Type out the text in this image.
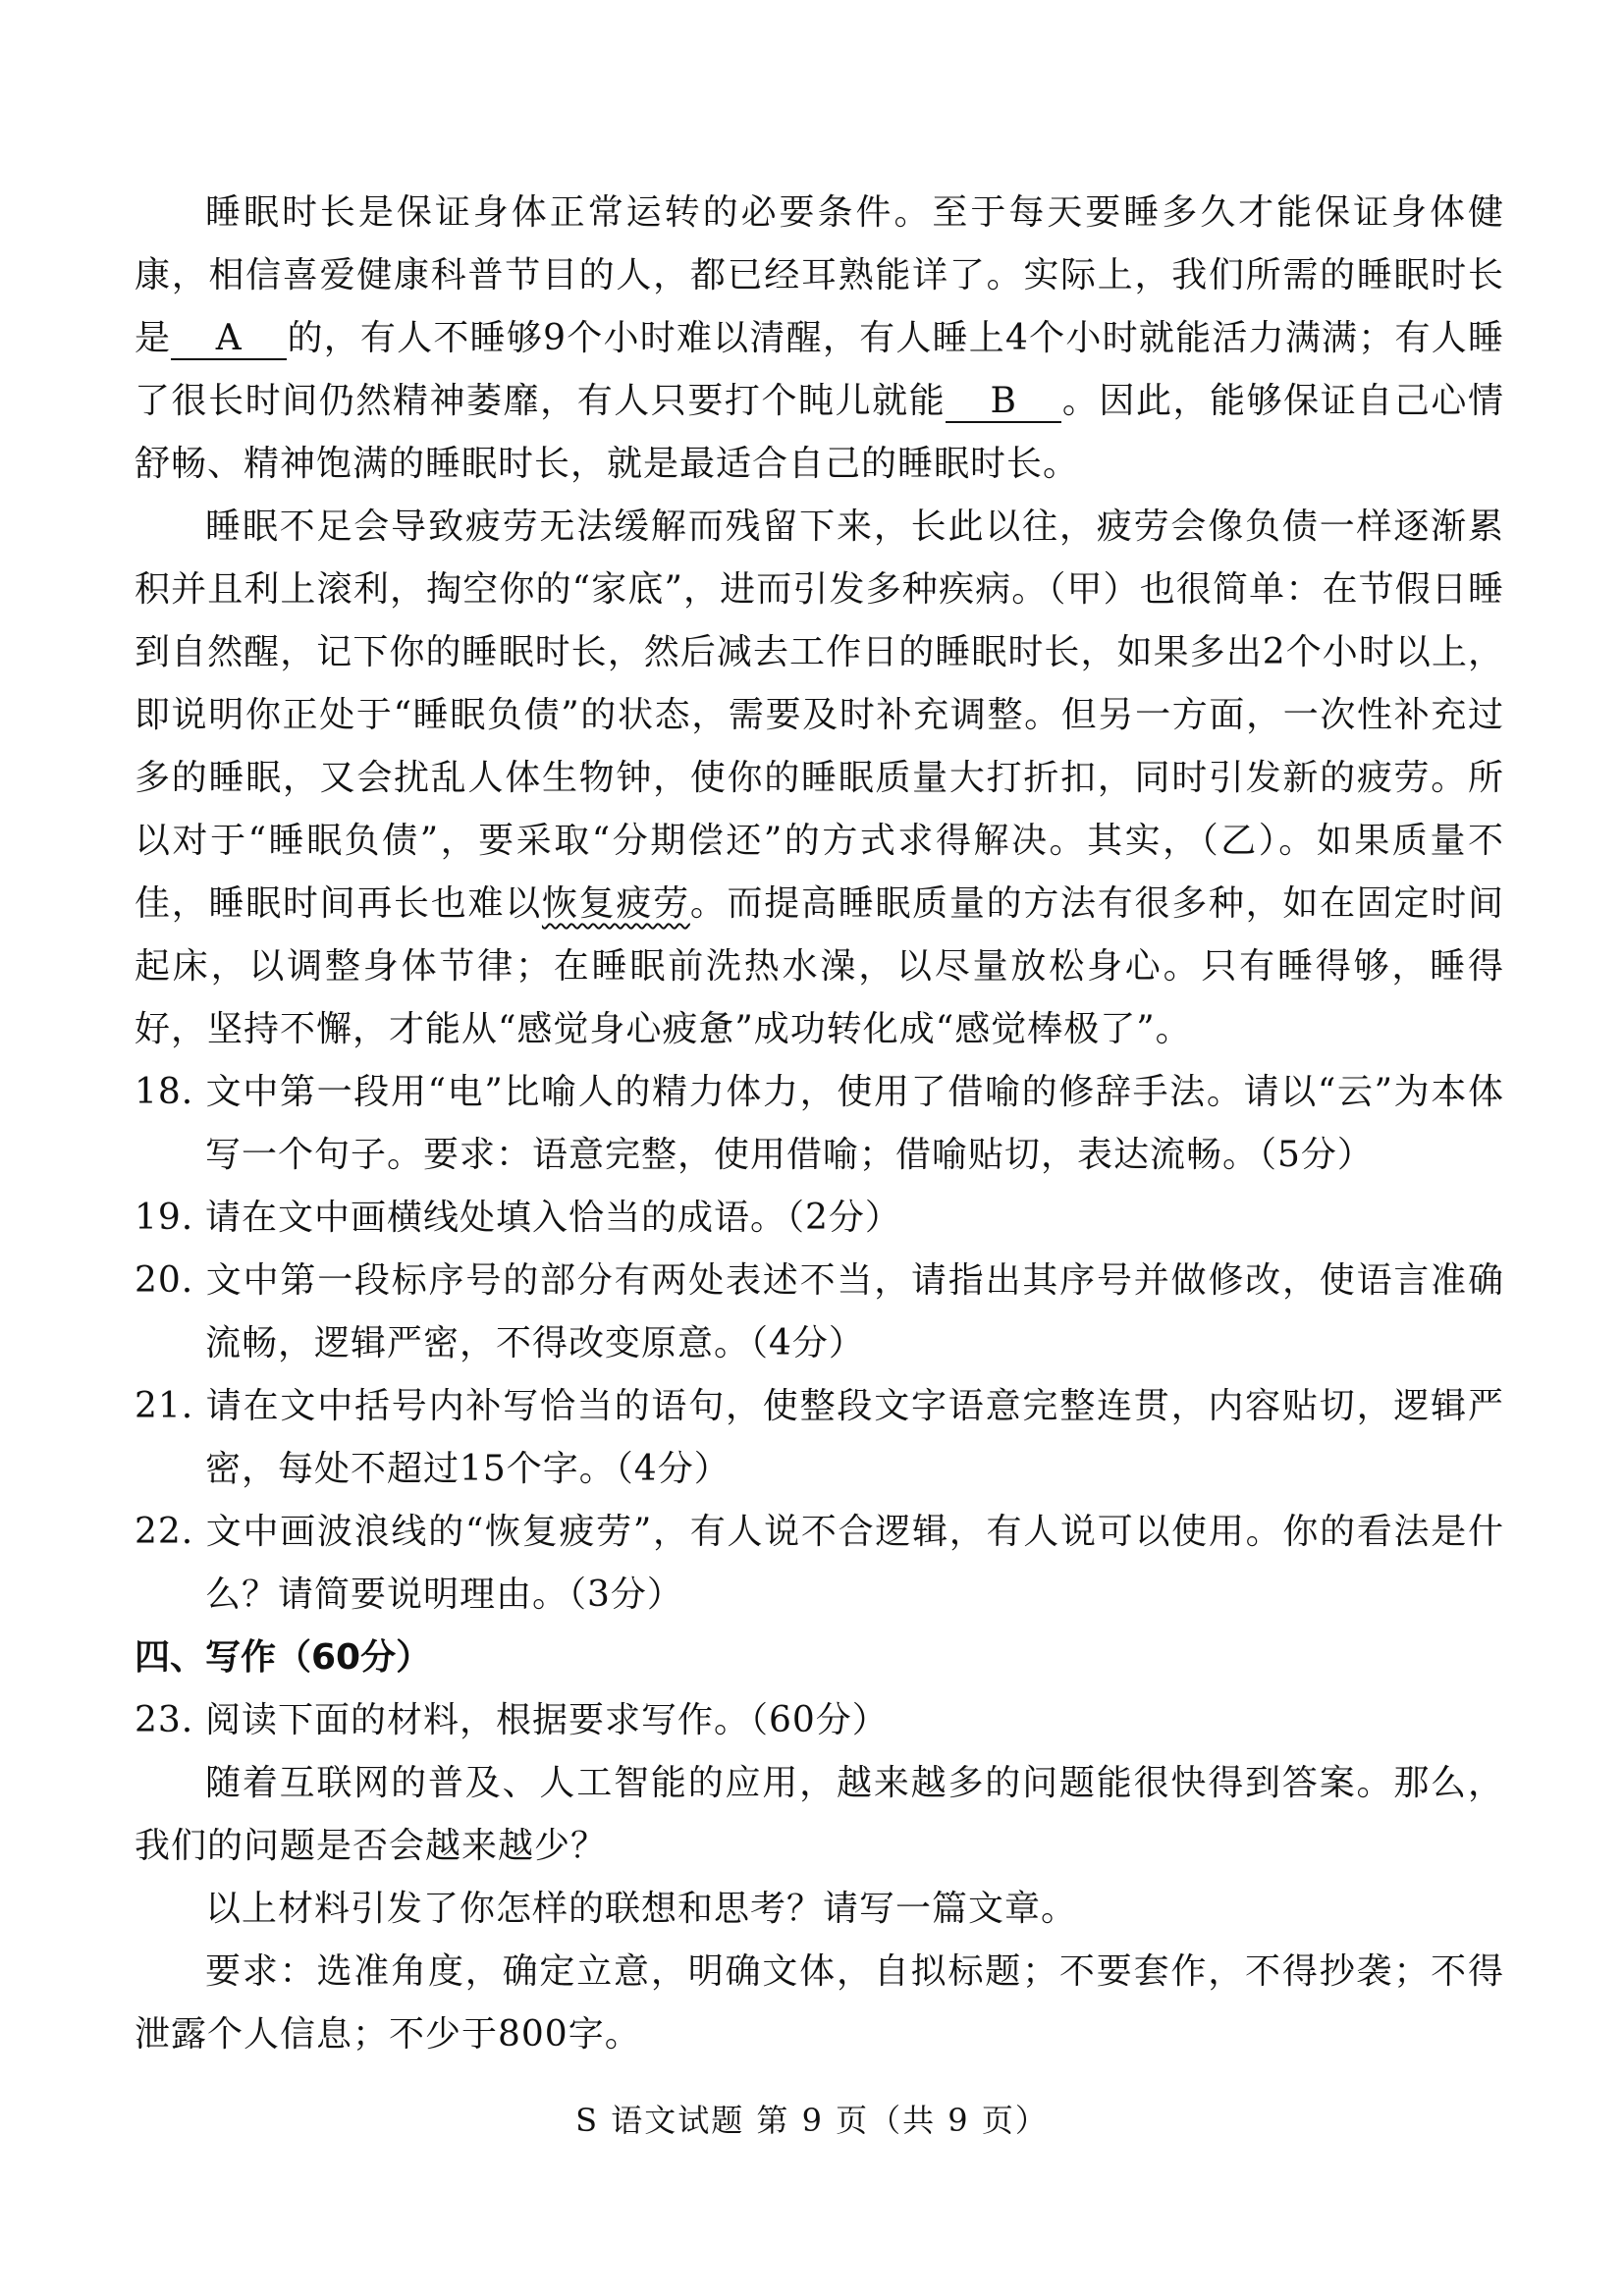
睡眠时长是保证身体正常运转的必要条件。至于每天要睡多久才能保证身体健康，相信喜爱健康科普节目的人，都已经耳熟能详了。实际上，我们所需的睡眠时长是 A 的，有人不睡够9个小时难以清醒，有人睡上4个小时就能活力满满；有人睡了很长时间仍然精神萎靡，有人只要打个盹儿就能 B 。因此，能够保证自己心情舒畅、精神饱满的睡眠时长，就是最适合自己的睡眠时长。

睡眠不足会导致疲劳无法缓解而残留下来，长此以往，疲劳会像负债一样逐渐累积并且利上滚利，掏空你的“家底”，进而引发多种疾病。（甲）也很简单：在节假日睡到自然醒，记下你的睡眠时长，然后减去工作日的睡眠时长，如果多出2个小时以上，即说明你正处于“睡眠负债”的状态，需要及时补充调整。但另一方面，一次性补充过多的睡眠，又会扰乱人体生物钟，使你的睡眠质量大打折扣，同时引发新的疲劳。所以对于“睡眠负债”，要采取“分期偿还”的方式求得解决。其实，（乙）。如果质量不佳，睡眠时间再长也难以恢复疲劳。而提高睡眠质量的方法有很多种，如在固定时间起床，以调整身体节律；在睡眠前洗热水澡，以尽量放松身心。只有睡得够，睡得好，坚持不懈，才能从“感觉身心疲惫”成功转化成“感觉棒极了”。

18. 文中第一段用“电”比喻人的精力体力，使用了借喻的修辞手法。请以“云”为本体写一个句子。要求：语意完整，使用借喻；借喻贴切，表达流畅。（5分）

19. 请在文中画横线处填入恰当的成语。（2分）

20. 文中第一段标序号的部分有两处表述不当，请指出其序号并做修改，使语言准确流畅，逻辑严密，不得改变原意。（4分）

21. 请在文中括号内补写恰当的语句，使整段文字语意完整连贯，内容贴切，逻辑严密，每处不超过15个字。（4分）

22. 文中画波浪线的“恢复疲劳”，有人说不合逻辑，有人说可以使用。你的看法是什么？请简要说明理由。（3分）

四、写作（60分）

23. 阅读下面的材料，根据要求写作。（60分）

随着互联网的普及、人工智能的应用，越来越多的问题能很快得到答案。那么，我们的问题是否会越来越少？

以上材料引发了你怎样的联想和思考？请写一篇文章。

要求：选准角度，确定立意，明确文体，自拟标题；不要套作，不得抄袭；不得泄露个人信息；不少于800字。

S 语文试题 第 9 页（共 9 页）
